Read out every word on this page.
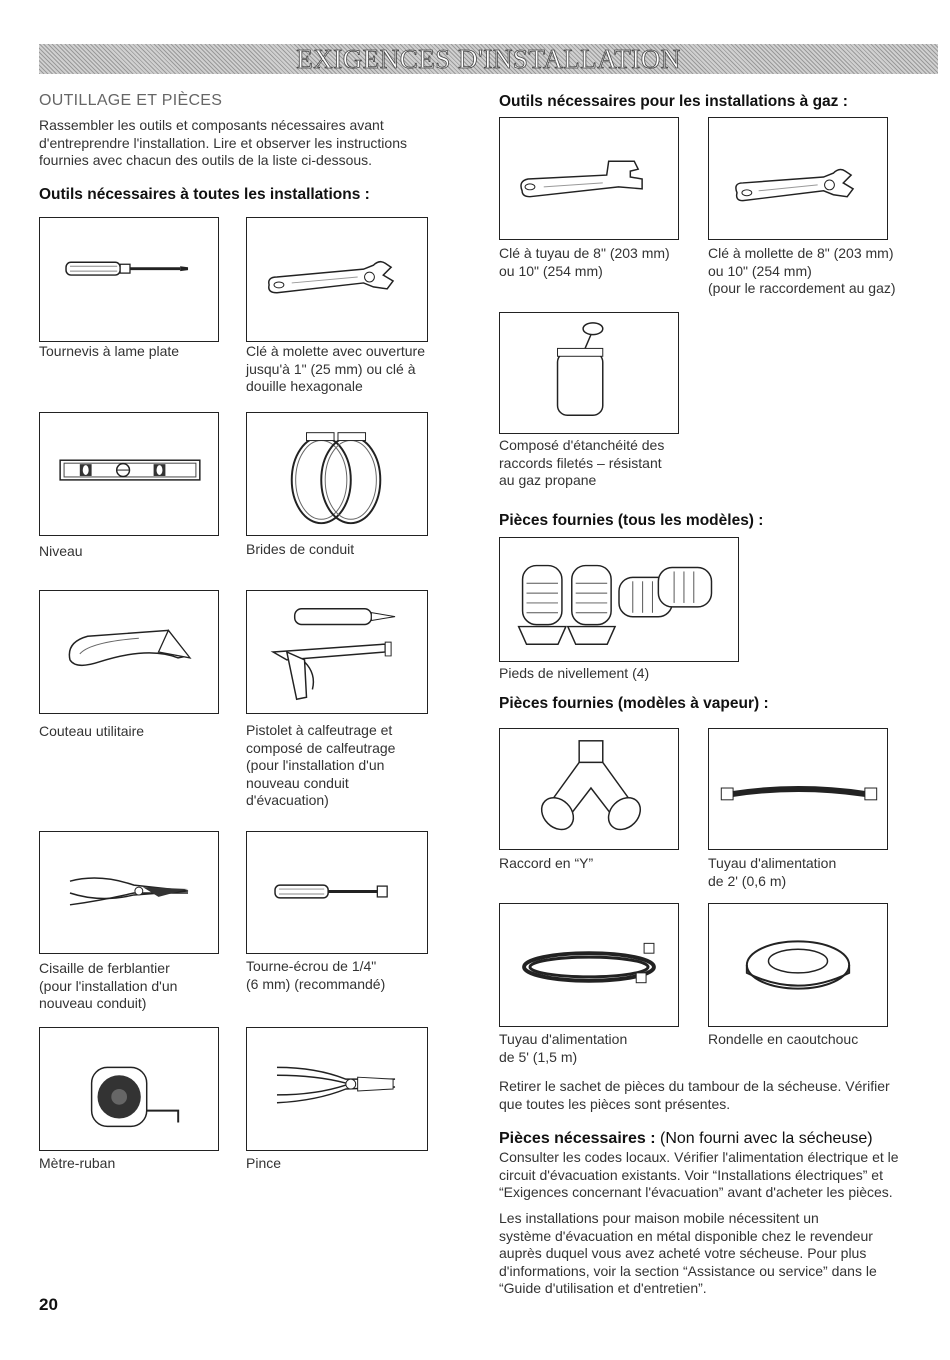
EXIGENCES D'INSTALLATION
OUTILLAGE ET PIÈCES
Rassembler les outils et composants nécessaires avant
d'entreprendre l'installation. Lire et observer les instructions
fournies avec chacun des outils de la liste ci-dessous.
Outils nécessaires à toutes les installations :
Tournevis à lame plate	Clé à molette avec ouverture
jusqu'à 1" (25 mm) ou clé à
douille hexagonale
Niveau	Brides de conduit
Couteau utilitaire	Pistolet à calfeutrage et
composé de calfeutrage
(pour l'installation d'un
nouveau conduit
d'évacuation)
Cisaille de ferblantier
(pour l'installation d'un
nouveau conduit)
Tourne-écrou de 1/4"
(6 mm) (recommandé)
Mètre-ruban	Pince
20
Outils nécessaires pour les installations à gaz :
Clé à tuyau de 8" (203 mm)
ou 10" (254 mm)
Clé à mollette de 8" (203 mm)
ou 10" (254 mm)
(pour le raccordement au gaz)
Composé d'étanchéité des
raccords filetés – résistant
au gaz propane
Pièces fournies (tous les modèles) :
Pieds de nivellement (4)
Pièces fournies (modèles à vapeur) :
Raccord en “Y”	Tuyau d'alimentation
de 2' (0,6 m)
Tuyau d'alimentation
de 5' (1,5 m)
Rondelle en caoutchouc
Retirer le sachet de pièces du tambour de la sécheuse. Vérifier
que toutes les pièces sont présentes.
Pièces nécessaires : (Non fourni avec la sécheuse)
Consulter les codes locaux. Vérifier l'alimentation électrique et le
circuit d'évacuation existants. Voir “Installations électriques” et
“Exigences concernant l'évacuation” avant d'acheter les pièces.
Les installations pour maison mobile nécessitent un
système d'évacuation en métal disponible chez le revendeur
auprès duquel vous avez acheté votre sécheuse. Pour plus
d'informations, voir la section “Assistance ou service” dans le
“Guide d'utilisation et d'entretien”.
